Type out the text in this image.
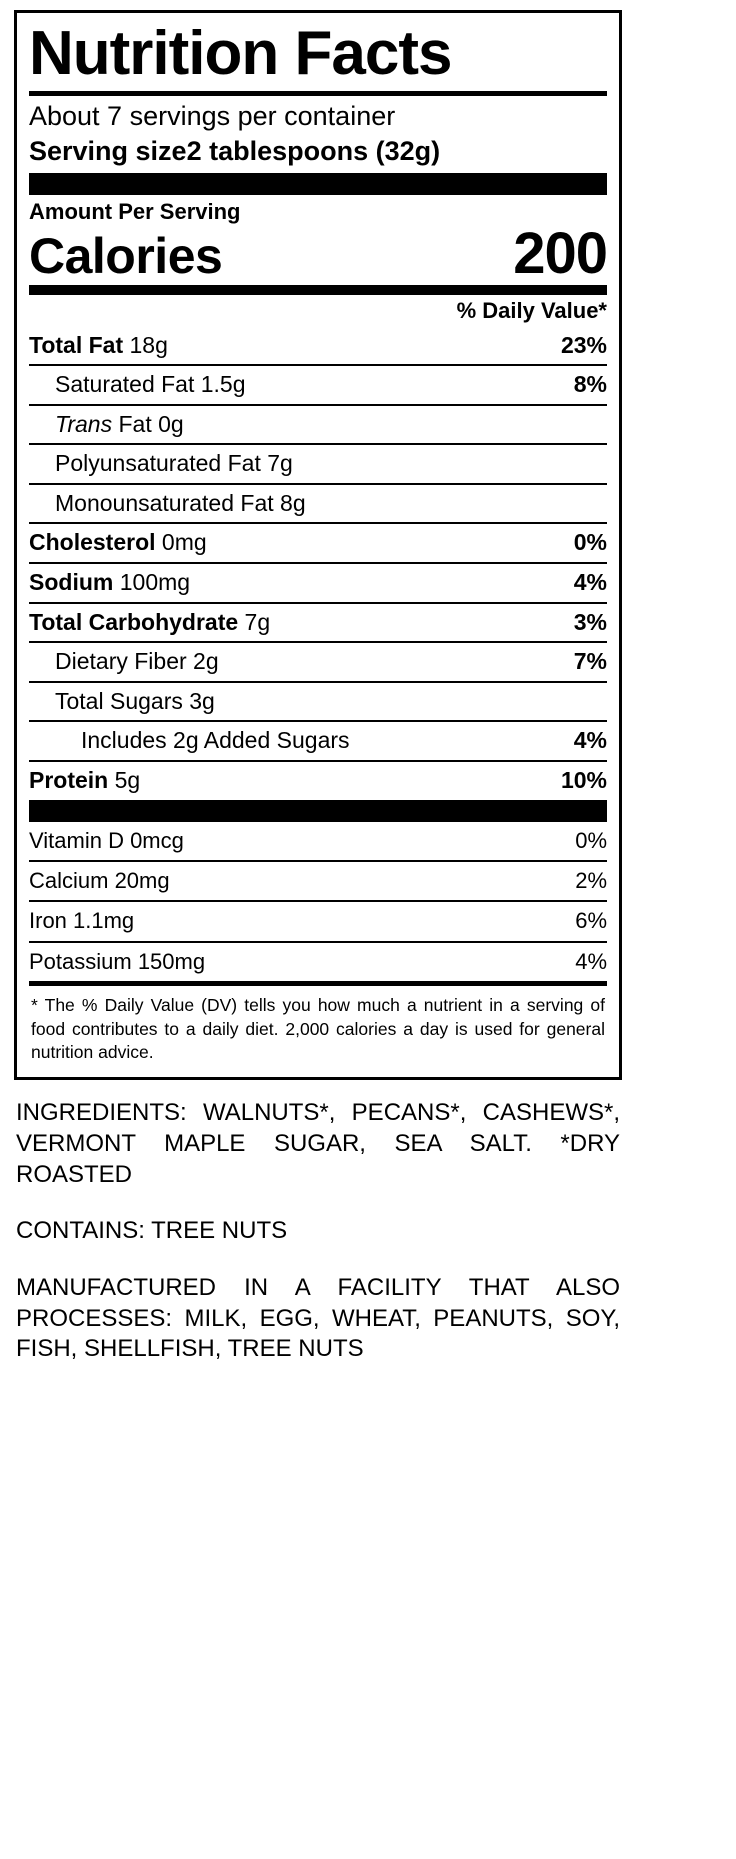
Nutrition Facts
About 7 servings per container
Serving size2 tablespoons (32g)
Amount Per Serving
Calories	200
% Daily Value*
Total Fat 18g	23%
Saturated Fat 1.5g	8%
Trans Fat 0g
Polyunsaturated Fat 7g
Monounsaturated Fat 8g
Cholesterol 0mg	0%
Sodium 100mg	4%
Total Carbohydrate 7g	3%
Dietary Fiber 2g	7%
Total Sugars 3g
Includes 2g Added Sugars	4%
Protein 5g	10%
Vitamin D 0mcg	0%
Calcium 20mg	2%
Iron 1.1mg	6%
Potassium 150mg	4%
* The % Daily Value (DV) tells you how much a nutrient in a serving of food contributes to a daily diet. 2,000 calories a day is used for general nutrition advice.

INGREDIENTS: WALNUTS*, PECANS*, CASHEWS*, VERMONT MAPLE SUGAR, SEA SALT. *DRY ROASTED

CONTAINS: TREE NUTS

MANUFACTURED IN A FACILITY THAT ALSO PROCESSES: MILK, EGG, WHEAT, PEANUTS, SOY, FISH, SHELLFISH, TREE NUTS
